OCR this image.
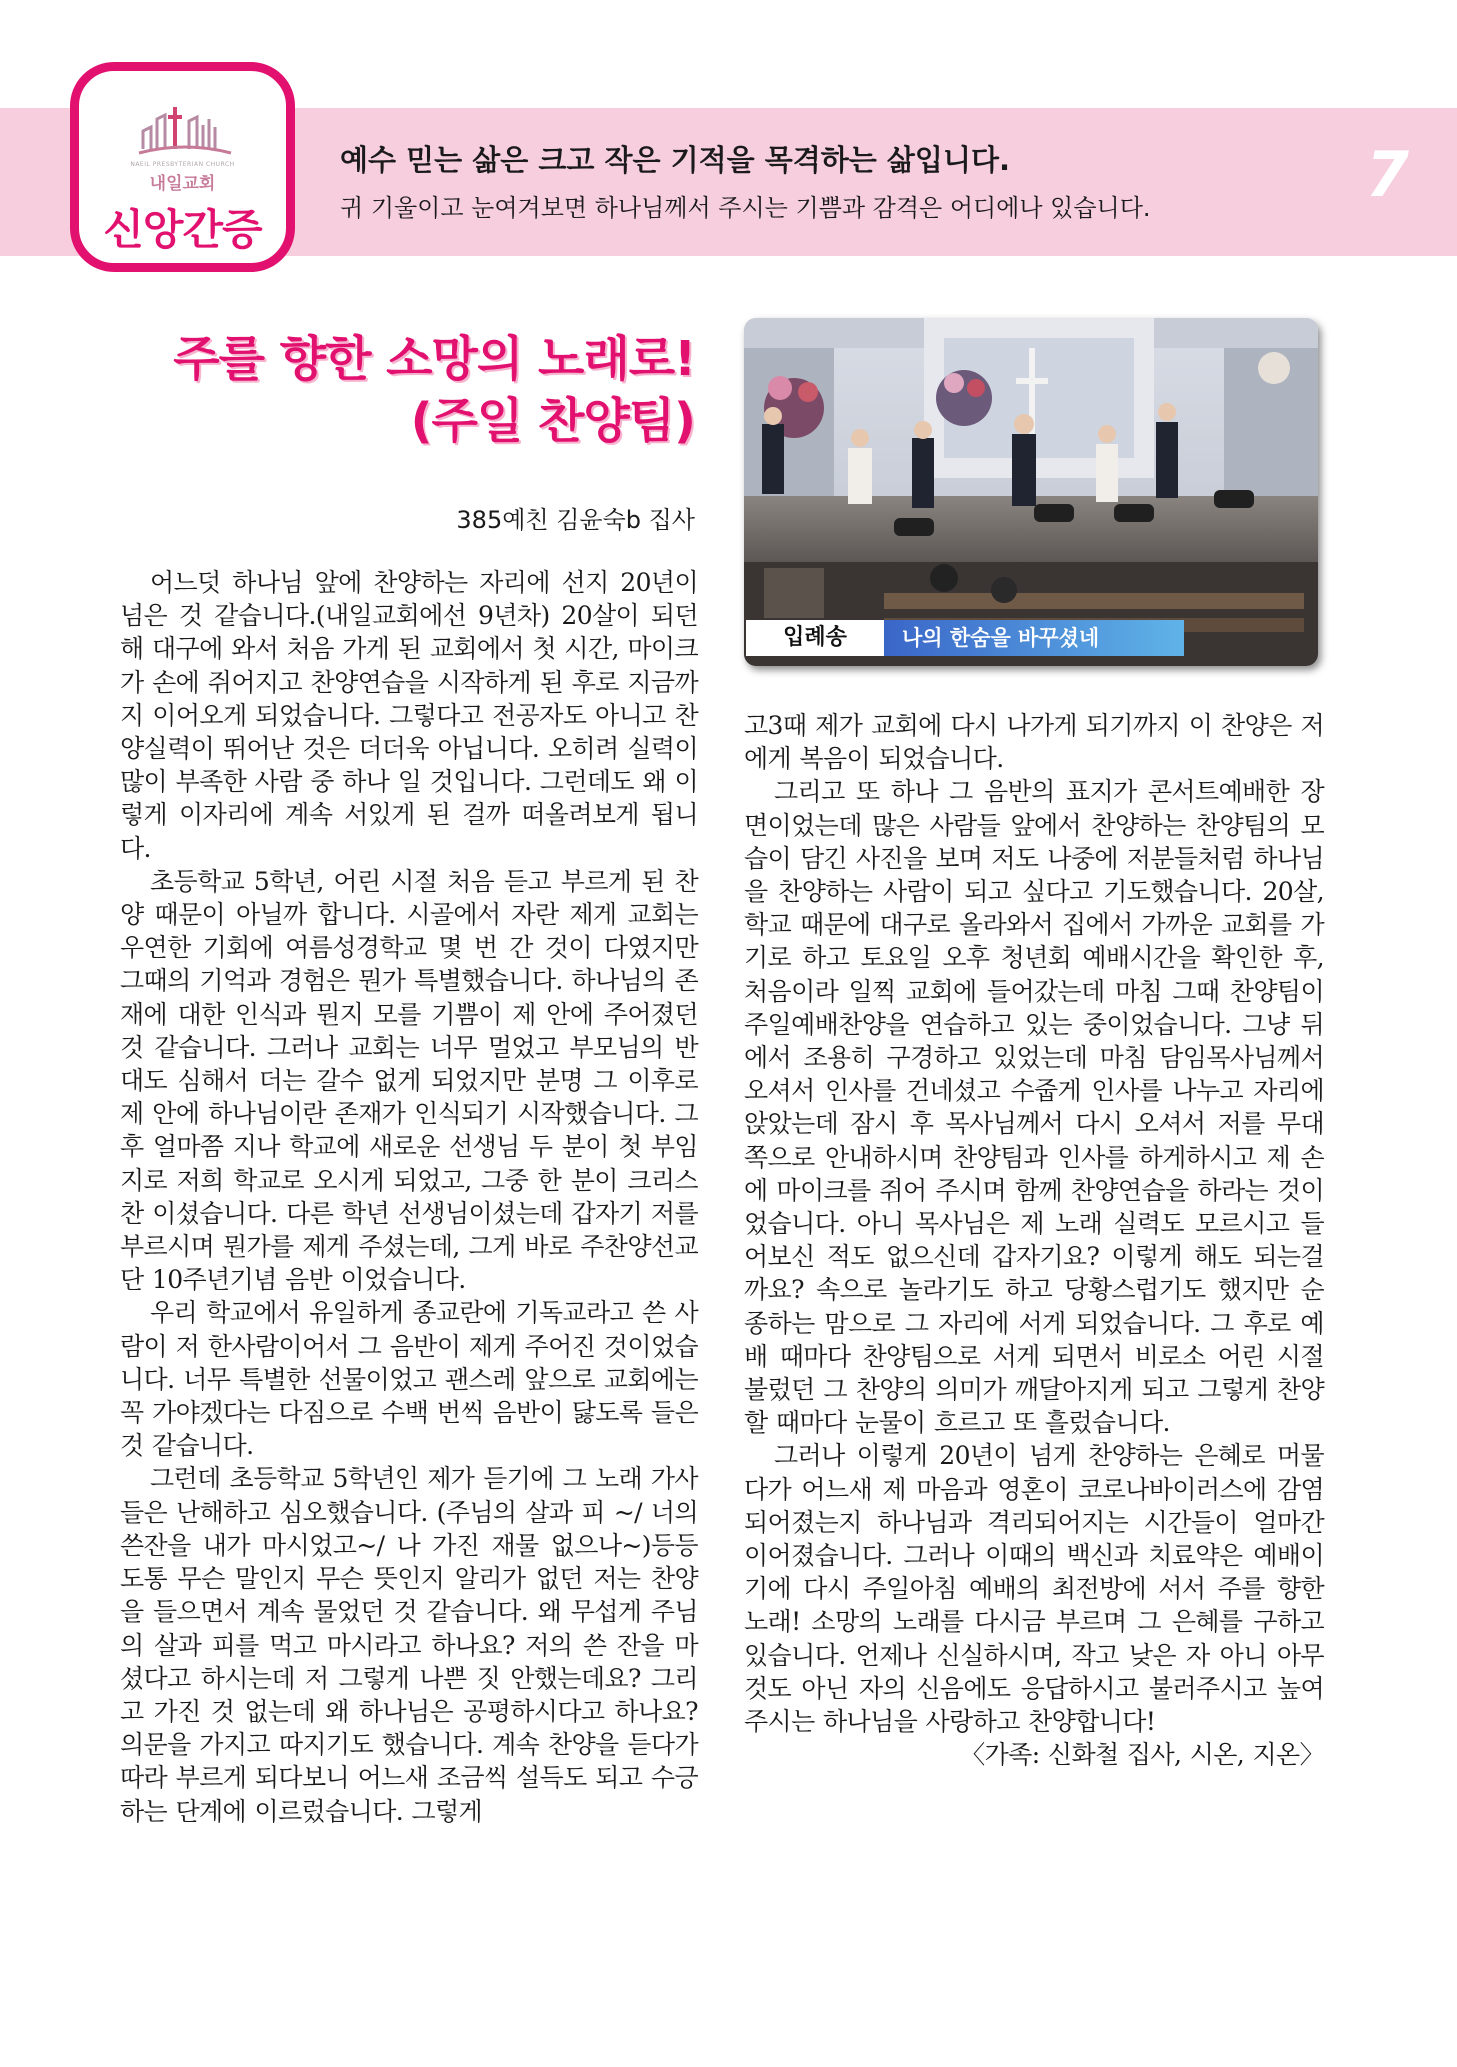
NAEIL PRESBYTERIAN CHURCH
내일교회
신앙간증
예수 믿는 삶은 크고 작은 기적을 목격하는 삶입니다.
귀 기울이고 눈여겨보면 하나님께서 주시는 기쁨과 감격은 어디에나 있습니다.	7
주를 향한 소망의 노래로!
(주일 찬양팀)
385예친 김윤숙b 집사

어느덧 하나님 앞에 찬양하는 자리에 선지 20년이 넘은 것 같습니다.(내일교회에선 9년차) 20살이 되던 해 대구에 와서 처음 가게 된 교회에서 첫 시간, 마이크가 손에 쥐어지고 찬양연습을 시작하게 된 후로 지금까지 이어오게 되었습니다. 그렇다고 전공자도 아니고 찬양실력이 뛰어난 것은 더더욱 아닙니다. 오히려 실력이 많이 부족한 사람 중 하나 일 것입니다. 그런데도 왜 이렇게 이자리에 계속 서있게 된 걸까 떠올려보게 됩니다.

초등학교 5학년, 어린 시절 처음 듣고 부르게 된 찬양 때문이 아닐까 합니다. 시골에서 자란 제게 교회는 우연한 기회에 여름성경학교 몇 번 간 것이 다였지만 그때의 기억과 경험은 뭔가 특별했습니다. 하나님의 존재에 대한 인식과 뭔지 모를 기쁨이 제 안에 주어졌던 것 같습니다. 그러나 교회는 너무 멀었고 부모님의 반대도 심해서 더는 갈수 없게 되었지만 분명 그 이후로 제 안에 하나님이란 존재가 인식되기 시작했습니다. 그 후 얼마쯤 지나 학교에 새로운 선생님 두 분이 첫 부임지로 저희 학교로 오시게 되었고, 그중 한 분이 크리스찬 이셨습니다. 다른 학년 선생님이셨는데 갑자기 저를 부르시며 뭔가를 제게 주셨는데, 그게 바로 주찬양선교단 10주년기념 음반 이었습니다.

우리 학교에서 유일하게 종교란에 기독교라고 쓴 사람이 저 한사람이어서 그 음반이 제게 주어진 것이었습니다. 너무 특별한 선물이었고 괜스레 앞으로 교회에는 꼭 가야겠다는 다짐으로 수백 번씩 음반이 닳도록 들은 것 같습니다.

그런데 초등학교 5학년인 제가 듣기에 그 노래 가사들은 난해하고 심오했습니다. (주님의 살과 피 ~/ 너의 쓴잔을 내가 마시었고~/ 나 가진 재물 없으나~)등등 도통 무슨 말인지 무슨 뜻인지 알리가 없던 저는 찬양을 들으면서 계속 물었던 것 같습니다. 왜 무섭게 주님의 살과 피를 먹고 마시라고 하나요? 저의 쓴 잔을 마셨다고 하시는데 저 그렇게 나쁜 짓 안했는데요? 그리고 가진 것 없는데 왜 하나님은 공평하시다고 하나요? 의문을 가지고 따지기도 했습니다. 계속 찬양을 듣다가 따라 부르게 되다보니 어느새 조금씩 설득도 되고 수긍하는 단계에 이르렀습니다. 그렇게

입례송	나의 한숨을 바꾸셨네

고3때 제가 교회에 다시 나가게 되기까지 이 찬양은 저에게 복음이 되었습니다.

그리고 또 하나 그 음반의 표지가 콘서트예배한 장면이었는데 많은 사람들 앞에서 찬양하는 찬양팀의 모습이 담긴 사진을 보며 저도 나중에 저분들처럼 하나님을 찬양하는 사람이 되고 싶다고 기도했습니다. 20살, 학교 때문에 대구로 올라와서 집에서 가까운 교회를 가기로 하고 토요일 오후 청년회 예배시간을 확인한 후, 처음이라 일찍 교회에 들어갔는데 마침 그때 찬양팀이 주일예배찬양을 연습하고 있는 중이었습니다. 그냥 뒤에서 조용히 구경하고 있었는데 마침 담임목사님께서 오셔서 인사를 건네셨고 수줍게 인사를 나누고 자리에 앉았는데 잠시 후 목사님께서 다시 오셔서 저를 무대 쪽으로 안내하시며 찬양팀과 인사를 하게하시고 제 손에 마이크를 쥐어 주시며 함께 찬양연습을 하라는 것이었습니다. 아니 목사님은 제 노래 실력도 모르시고 들어보신 적도 없으신데 갑자기요? 이렇게 해도 되는걸까요? 속으로 놀라기도 하고 당황스럽기도 했지만 순종하는 맘으로 그 자리에 서게 되었습니다. 그 후로 예배 때마다 찬양팀으로 서게 되면서 비로소 어린 시절 불렀던 그 찬양의 의미가 깨달아지게 되고 그렇게 찬양할 때마다 눈물이 흐르고 또 흘렀습니다.

그러나 이렇게 20년이 넘게 찬양하는 은혜로 머물다가 어느새 제 마음과 영혼이 코로나바이러스에 감염되어졌는지 하나님과 격리되어지는 시간들이 얼마간 이어졌습니다. 그러나 이때의 백신과 치료약은 예배이기에 다시 주일아침 예배의 최전방에 서서 주를 향한 노래! 소망의 노래를 다시금 부르며 그 은혜를 구하고 있습니다. 언제나 신실하시며, 작고 낮은 자 아니 아무것도 아닌 자의 신음에도 응답하시고 불러주시고 높여주시는 하나님을 사랑하고 찬양합니다!

〈가족: 신화철 집사, 시온, 지온〉
